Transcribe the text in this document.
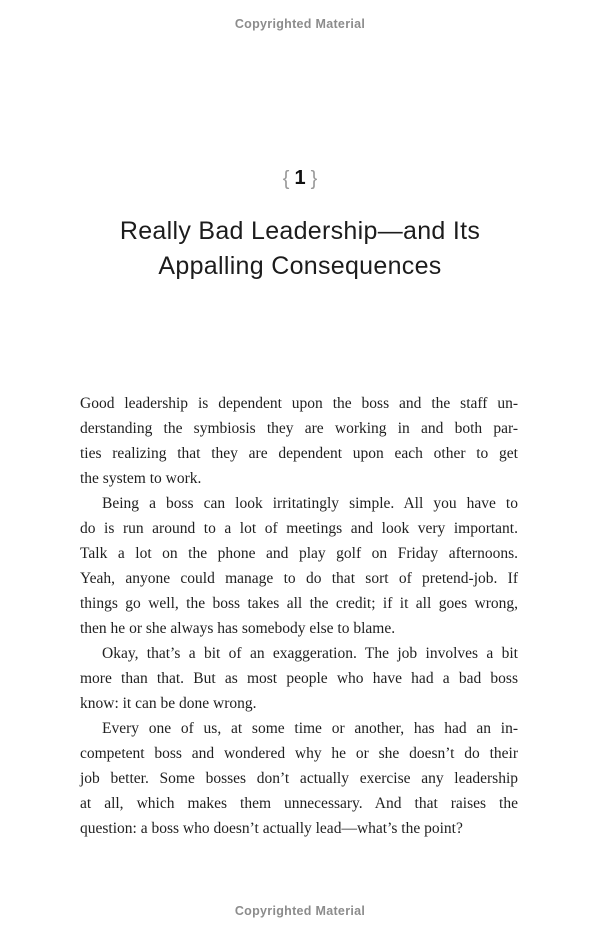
Copyrighted Material
{ 1 }
Really Bad Leadership—and Its
Appalling Consequences
Good leadership is dependent upon the boss and the staff un-
derstanding the symbiosis they are working in and both par-
ties realizing that they are dependent upon each other to get
the system to work.
Being a boss can look irritatingly simple. All you have to
do is run around to a lot of meetings and look very important.
Talk a lot on the phone and play golf on Friday afternoons.
Yeah, anyone could manage to do that sort of pretend-job. If
things go well, the boss takes all the credit; if it all goes wrong,
then he or she always has somebody else to blame.
Okay, that’s a bit of an exaggeration. The job involves a bit
more than that. But as most people who have had a bad boss
know: it can be done wrong.
Every one of us, at some time or another, has had an in-
competent boss and wondered why he or she doesn’t do their
job better. Some bosses don’t actually exercise any leadership
at all, which makes them unnecessary. And that raises the
question: a boss who doesn’t actually lead—what’s the point?
Copyrighted Material
